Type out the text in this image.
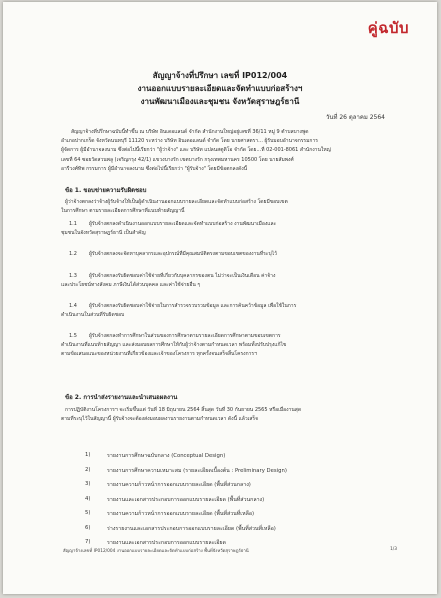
คู่ฉบับ
สัญญาจ้างที่ปรึกษา เลขที่ IP012/004
งานออกแบบรายละเอียดและจัดทำแบบก่อสร้างฯ
งานพัฒนาเมืองและชุมชน จังหวัดสุราษฎร์ธานี
วันที่ 26 ตุลาคม 2564
สัญญาจ้างที่ปรึกษาฉบับนี้ทำขึ้น ณ บริษัท อินเดอแลนด์ จำกัด สำนักงานใหญ่อยู่เลขที่ 36/11 หมู่ 9 ตำบลบางพูด
อำเภอปากเกร็ด จังหวัดนนทบุรี 11120 ระหว่าง บริษัท อินเดอแลนด์ จำกัด โดย นายศาสตรา... ผู้รับมอบอำนาจกรรมการ
ผู้จัดการ ผู้มีอำนาจลงนาม ซึ่งต่อไปนี้เรียกว่า "ผู้ว่าจ้าง" และ บริษัท แปลนสตูดิโอ จำกัด โดย...ที่ 02-001-8061 สำนักงานใหญ่
เลขที่ 64 ซอยวัดสวนพลู (เจริญกรุง 42/1) แขวงบางรัก เขตบางรัก กรุงเทพมหานคร 10500 โดย นายสัมพงศ์
อารีวงศ์ทิพ กรรมการ ผู้มีอำนาจลงนาม ซึ่งต่อไปนี้เรียกว่า "ผู้รับจ้าง" โดยมีข้อตกลงดังนี้
ข้อ 1. ขอบข่ายความรับผิดชอบ
ผู้ว่าจ้างตกลงว่าจ้างผู้รับจ้างให้เป็นผู้ดำเนินงานออกแบบรายละเอียดและจัดทำแบบก่อสร้าง โดยมีขอบเขต
ในการศึกษา ตามรายละเอียดการศึกษาที่แนบท้ายสัญญานี้
1.1 ผู้รับจ้างตกลงดำเนินงานออกแบบรายละเอียดและจัดทำแบบก่อสร้าง งานพัฒนาเมืองและ
ชุมชนในจังหวัดสุราษฎร์ธานี เป็นสำคัญ
1.2 ผู้รับจ้างตกลงจะจัดหาบุคลากรและอุปกรณ์ที่มีคุณสมบัติตรงตามขอบเขตของงานที่ระบุไว้
1.3 ผู้รับจ้างตกลงรับผิดชอบค่าใช้จ่ายที่เกี่ยวกับบุคลากรของตน ไม่ว่าจะเป็นเงินเดือน ค่าจ้าง
และประโยชน์ทางสังคม ภาษีเงินได้ส่วนบุคคล และค่าใช้จ่ายอื่น ๆ
1.4 ผู้รับจ้างตกลงรับผิดชอบค่าใช้จ่ายในการสำรวจรวบรวมข้อมูล และการค้นคว้าข้อมูล เพื่อใช้ในการ
ดำเนินงานในส่วนที่รับผิดชอบ
1.5 ผู้รับจ้างตกลงทำการศึกษาในส่วนของการศึกษาตามรายละเอียดการศึกษาตามขอบเขตการ
ดำเนินงานที่แนบท้ายสัญญา และส่งมอบผลการศึกษาให้กับผู้ว่าจ้างตามกำหนดเวลา พร้อมทั้งปรับปรุงแก้ไข
ตามข้อเสนอแนะของหน่วยงานที่เกี่ยวข้องและเจ้าของโครงการ ทุกครั้งจนเสร็จสิ้นโครงการฯ
ข้อ 2. การนำส่งรายงานและนำเสนอผลงาน
การปฏิบัติงานโครงการฯ จะเริ่มขึ้นแต่ วันที่ 18 มิถุนายน 2564 สิ้นสุด วันที่ 30 กันยายน 2565 หรือเมื่องานสุด
ตามที่ระบุไว้ในสัญญานี้ ผู้รับจ้างจะต้องส่งมอบผลงานรายงานตามกำหนดเวลา ดังนี้ แล้วเสร็จ
1)	รายงานการศึกษาฉบับกลาง (Conceptual Design)
2)	รายงานการศึกษาความเหมาะสม (รายละเอียดเบื้องต้น : Preliminary Design)
3)	รายงานความก้าวหน้าการออกแบบรายละเอียด (พื้นที่ส่วนกลาง)
4)	รายงานและเอกสารประกอบการออกแบบรายละเอียด (พื้นที่ส่วนกลาง)
5)	รายงานความก้าวหน้าการออกแบบรายละเอียด (พื้นที่ส่วนที่เหลือ)
6)	ร่างรายงานและเอกสารประกอบการออกแบบรายละเอียด (พื้นที่ส่วนที่เหลือ)
7)	รายงานและเอกสารประกอบการออกแบบรายละเอียด
สัญญาจ้างเลขที่ IP012/004 งานออกแบบรายละเอียดและจัดทำแบบก่อสร้าง พื้นที่จังหวัดสุราษฎร์ธานี	1/3
